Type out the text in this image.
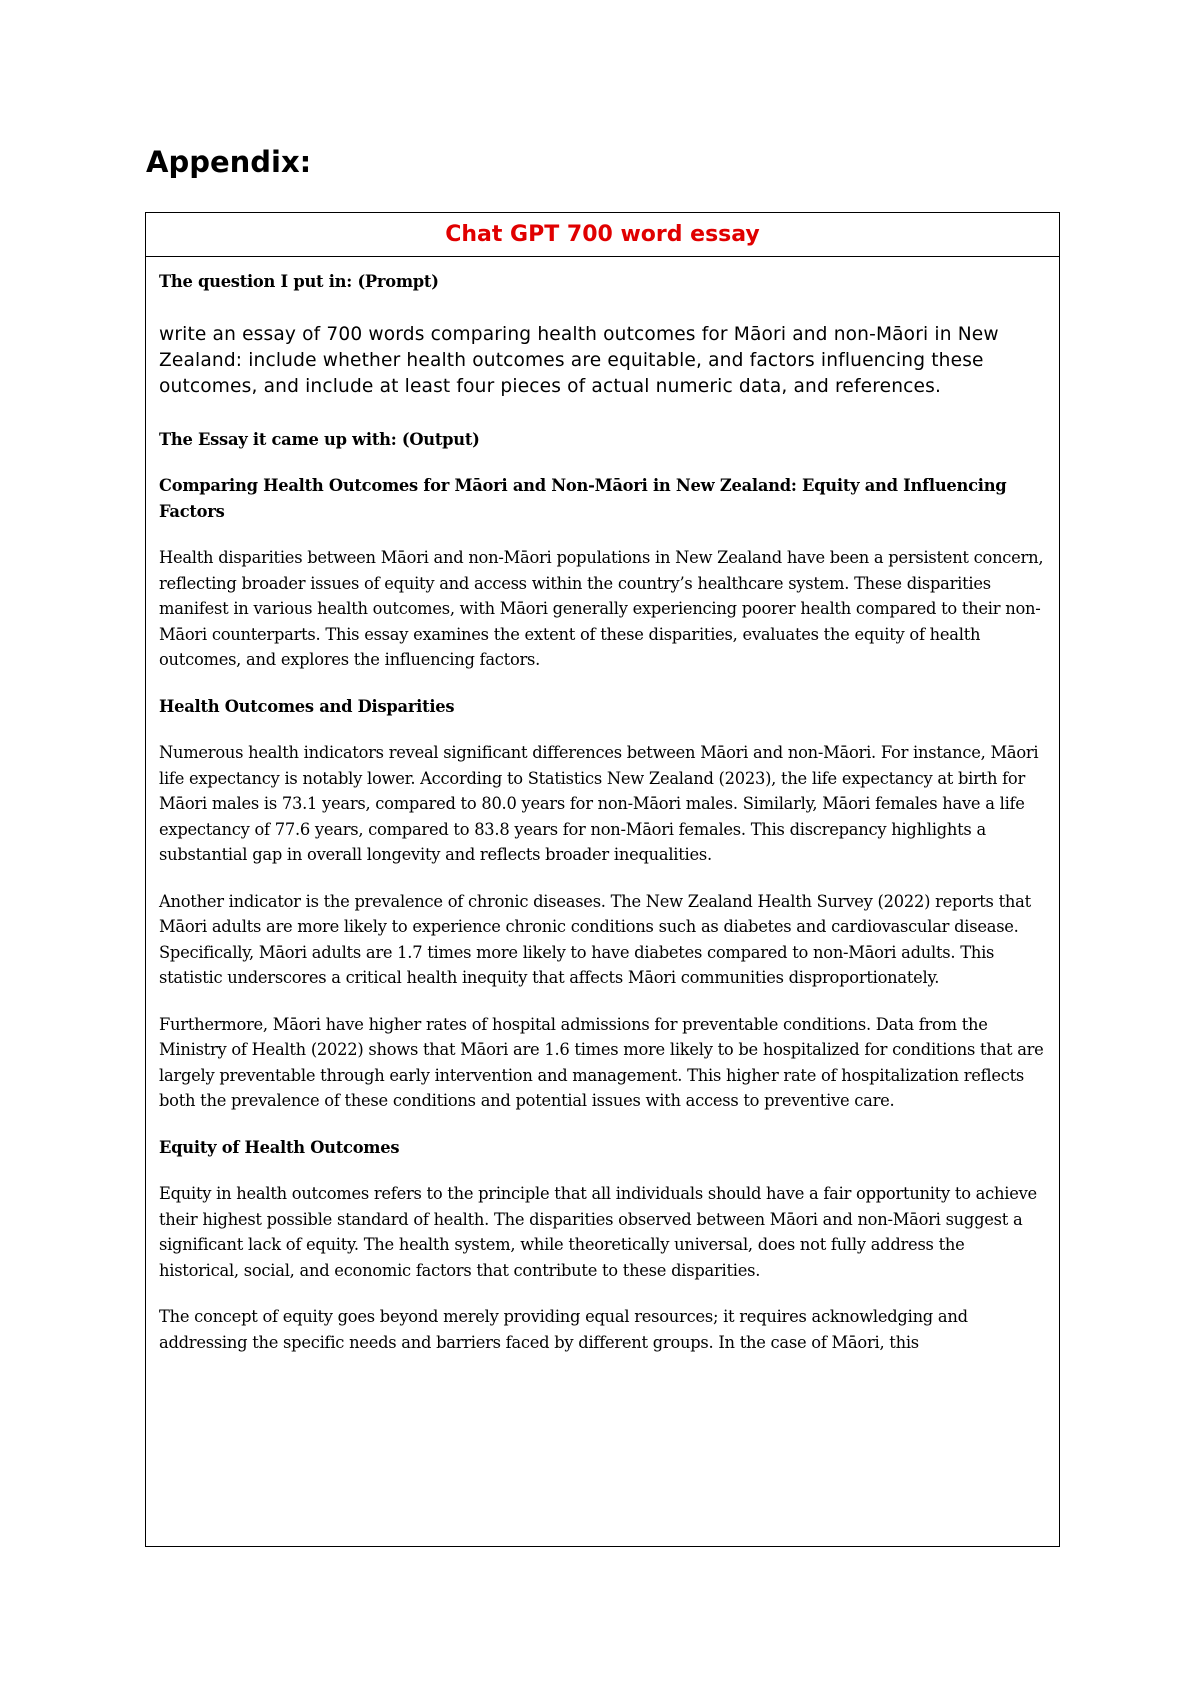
Appendix:
Chat GPT 700 word essay

The question I put in: (Prompt)

write an essay of 700 words comparing health outcomes for Māori and non-Māori in New Zealand: include whether health outcomes are equitable, and factors influencing these outcomes, and include at least four pieces of actual numeric data, and references.

The Essay it came up with: (Output)

Comparing Health Outcomes for Māori and Non-Māori in New Zealand: Equity and Influencing Factors

Health disparities between Māori and non-Māori populations in New Zealand have been a persistent concern, reflecting broader issues of equity and access within the country’s healthcare system. These disparities manifest in various health outcomes, with Māori generally experiencing poorer health compared to their non-Māori counterparts. This essay examines the extent of these disparities, evaluates the equity of health outcomes, and explores the influencing factors.

Health Outcomes and Disparities

Numerous health indicators reveal significant differences between Māori and non-Māori. For instance, Māori life expectancy is notably lower. According to Statistics New Zealand (2023), the life expectancy at birth for Māori males is 73.1 years, compared to 80.0 years for non-Māori males. Similarly, Māori females have a life expectancy of 77.6 years, compared to 83.8 years for non-Māori females. This discrepancy highlights a substantial gap in overall longevity and reflects broader inequalities.

Another indicator is the prevalence of chronic diseases. The New Zealand Health Survey (2022) reports that Māori adults are more likely to experience chronic conditions such as diabetes and cardiovascular disease. Specifically, Māori adults are 1.7 times more likely to have diabetes compared to non-Māori adults. This statistic underscores a critical health inequity that affects Māori communities disproportionately.

Furthermore, Māori have higher rates of hospital admissions for preventable conditions. Data from the Ministry of Health (2022) shows that Māori are 1.6 times more likely to be hospitalized for conditions that are largely preventable through early intervention and management. This higher rate of hospitalization reflects both the prevalence of these conditions and potential issues with access to preventive care.

Equity of Health Outcomes

Equity in health outcomes refers to the principle that all individuals should have a fair opportunity to achieve their highest possible standard of health. The disparities observed between Māori and non-Māori suggest a significant lack of equity. The health system, while theoretically universal, does not fully address the historical, social, and economic factors that contribute to these disparities.

The concept of equity goes beyond merely providing equal resources; it requires acknowledging and addressing the specific needs and barriers faced by different groups. In the case of Māori, this
